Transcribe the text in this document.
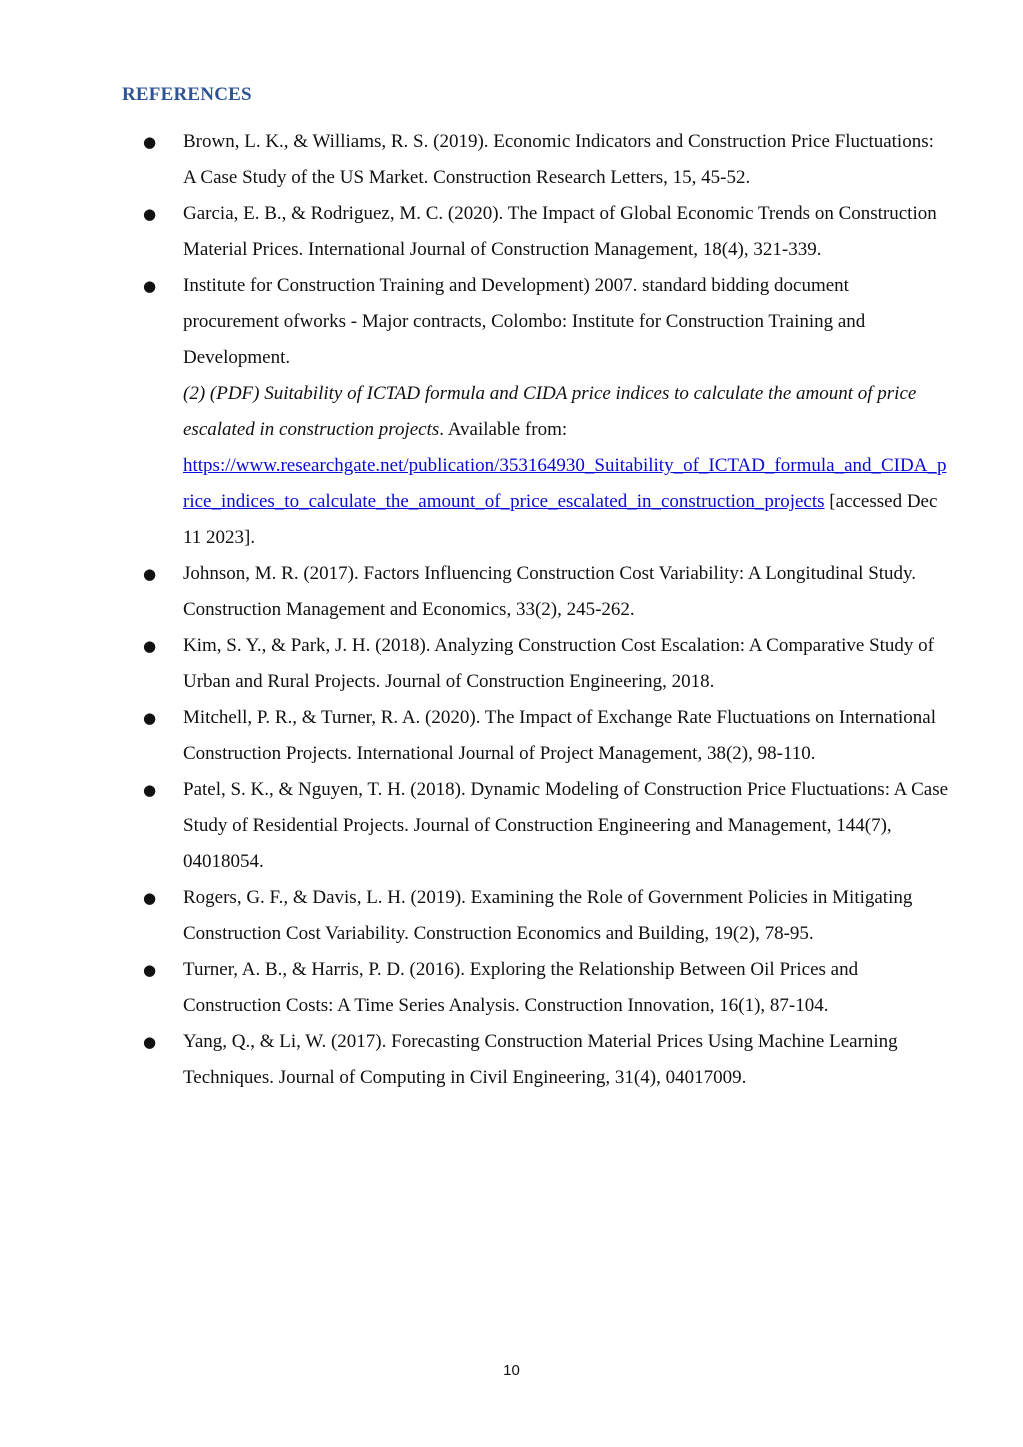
REFERENCES
● Brown, L. K., & Williams, R. S. (2019). Economic Indicators and Construction Price Fluctuations: A Case Study of the US Market. Construction Research Letters, 15, 45-52.
● Garcia, E. B., & Rodriguez, M. C. (2020). The Impact of Global Economic Trends on Construction Material Prices. International Journal of Construction Management, 18(4), 321-339.
● Institute for Construction Training and Development) 2007. standard bidding document procurement ofworks - Major contracts, Colombo: Institute for Construction Training and Development.
(2) (PDF) Suitability of ICTAD formula and CIDA price indices to calculate the amount of price escalated in construction projects. Available from:
https://www.researchgate.net/publication/353164930_Suitability_of_ICTAD_formula_and_CIDA_price_indices_to_calculate_the_amount_of_price_escalated_in_construction_projects [accessed Dec 11 2023].
● Johnson, M. R. (2017). Factors Influencing Construction Cost Variability: A Longitudinal Study. Construction Management and Economics, 33(2), 245-262.
● Kim, S. Y., & Park, J. H. (2018). Analyzing Construction Cost Escalation: A Comparative Study of Urban and Rural Projects. Journal of Construction Engineering, 2018.
● Mitchell, P. R., & Turner, R. A. (2020). The Impact of Exchange Rate Fluctuations on International Construction Projects. International Journal of Project Management, 38(2), 98-110.
● Patel, S. K., & Nguyen, T. H. (2018). Dynamic Modeling of Construction Price Fluctuations: A Case Study of Residential Projects. Journal of Construction Engineering and Management, 144(7), 04018054.
● Rogers, G. F., & Davis, L. H. (2019). Examining the Role of Government Policies in Mitigating Construction Cost Variability. Construction Economics and Building, 19(2), 78-95.
● Turner, A. B., & Harris, P. D. (2016). Exploring the Relationship Between Oil Prices and Construction Costs: A Time Series Analysis. Construction Innovation, 16(1), 87-104.
● Yang, Q., & Li, W. (2017). Forecasting Construction Material Prices Using Machine Learning Techniques. Journal of Computing in Civil Engineering, 31(4), 04017009.
10
